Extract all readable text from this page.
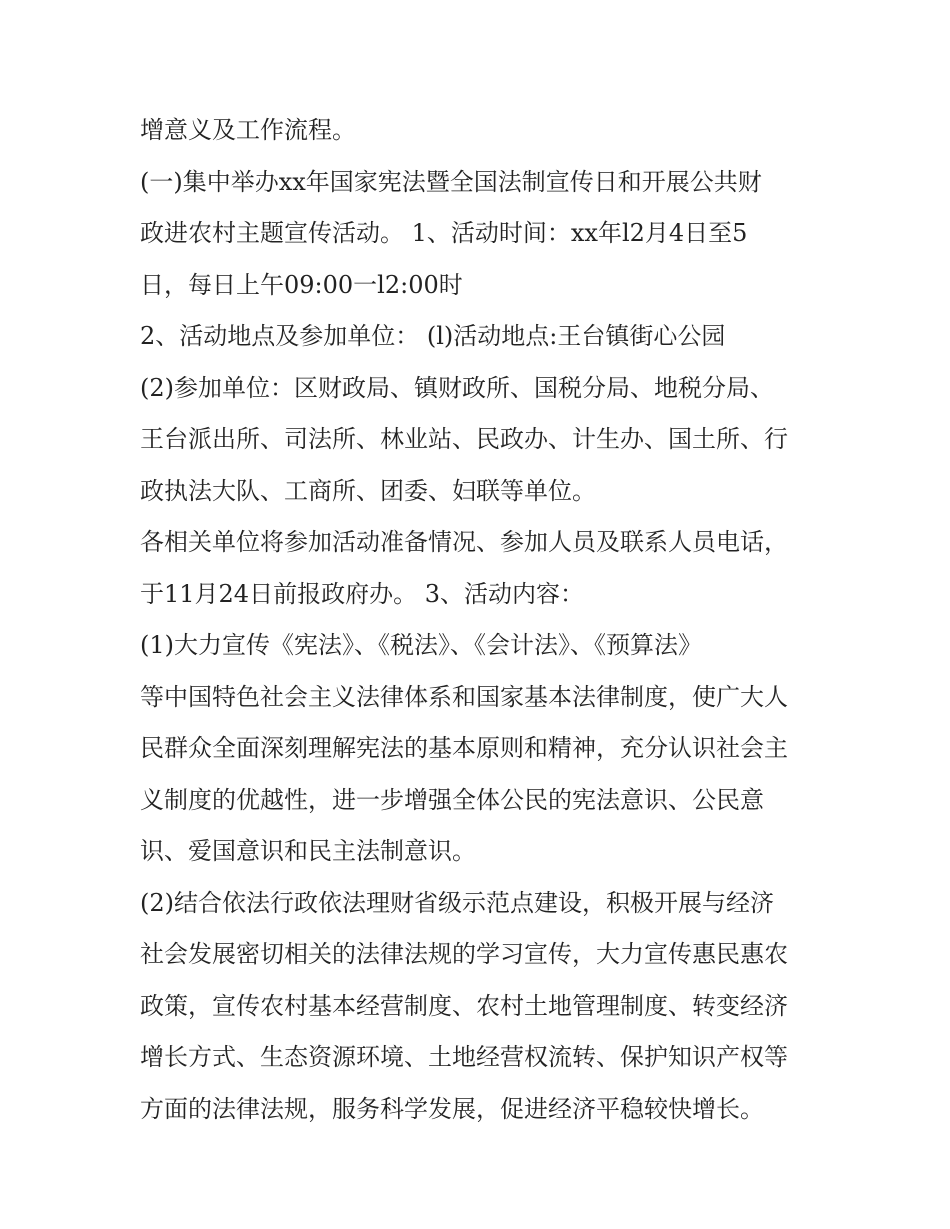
增意义及工作流程。
(一)集中举办xx年国家宪法暨全国法制宣传日和开展公共财
政进农村主题宣传活动。 1、活动时间：xx年l2月4日至5
日，每日上午09:00一l2:00时
2、活动地点及参加单位： (l)活动地点:王台镇街心公园
(2)参加单位：区财政局、镇财政所、国税分局、地税分局、
王台派出所、司法所、林业站、民政办、计生办、国土所、行
政执法大队、工商所、团委、妇联等单位。
各相关单位将参加活动准备情况、参加人员及联系人员电话，
于11月24日前报政府办。 3、活动内容：
(1)大力宣传《宪法》、《税法》、《会计法》、《预算法》
等中国特色社会主义法律体系和国家基本法律制度，使广大人
民群众全面深刻理解宪法的基本原则和精神，充分认识社会主
义制度的优越性，进一步增强全体公民的宪法意识、公民意
识、爱国意识和民主法制意识。
(2)结合依法行政依法理财省级示范点建设，积极开展与经济
社会发展密切相关的法律法规的学习宣传，大力宣传惠民惠农
政策，宣传农村基本经营制度、农村土地管理制度、转变经济
增长方式、生态资源环境、土地经营权流转、保护知识产权等
方面的法律法规，服务科学发展，促进经济平稳较快增长。
